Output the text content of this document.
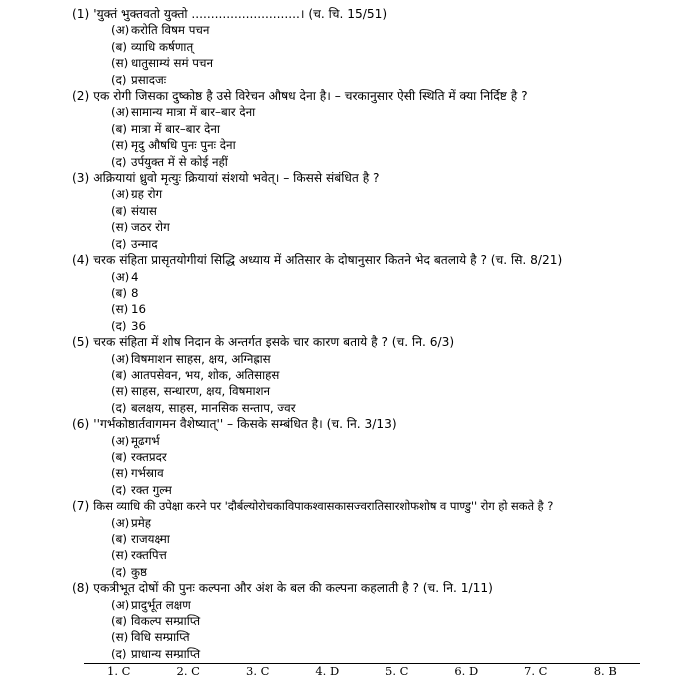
(1) 'युक्तं भुक्तवतो युक्तो ............................। (च. चि. 15/51)
(अ) करोति विषम पचन
(ब) व्याधि कर्षणात्
(स) धातुसाम्यं समं पचन
(द) प्रसादजः
(2) एक रोगी जिसका दुष्कोष्ठ है उसे विरेचन औषध देना है। – चरकानुसार ऐसी स्थिति में क्या निर्दिष्ट है ?
(अ) सामान्य मात्रा में बार–बार देना
(ब) मात्रा में बार–बार देना
(स) मृदु औषधि पुनः पुनः देना
(द) उर्पयुक्त में से कोई नहीं
(3) अक्रियायां ध्रुवो मृत्युः क्रियायां संशयो भवेत्। – किससे संबंधित है ?
(अ) ग्रह रोग
(ब) संयास
(स) जठर रोग
(द) उन्माद
(4) चरक संहिता प्रासृतयोगीयां सिद्धि अध्याय में अतिसार के दोषानुसार कितने भेद बतलाये है ? (च. सि. 8/21)
(अ) 4
(ब) 8
(स) 16
(द) 36
(5) चरक संहिता में शोष निदान के अन्तर्गत इसके चार कारण बताये है ? (च. नि. 6/3)
(अ) विषमाशन साहस, क्षय, अग्निह्रास
(ब) आतपसेवन, भय, शोक, अतिसाहस
(स) साहस, सन्धारण, क्षय, विषमाशन
(द) बलक्षय, साहस, मानसिक सन्ताप, ज्वर
(6) ''गर्भकोष्ठार्तवागमन वैशेष्यात्'' – किसके सम्बंधित है। (च. नि. 3/13)
(अ) मूढगर्भ
(ब) रक्तप्रदर
(स) गर्भस्राव
(द) रक्त गुल्म
(7) किस व्याधि की उपेक्षा करने पर 'दौर्बल्योरोचकाविपाकश्वासकासज्वरातिसारशोफशोष व पाण्डु'' रोग हो सकते है ?
(अ) प्रमेह
(ब) राजयक्ष्मा
(स) रक्तपित्त
(द) कुष्ठ
(8) एकत्रीभूत दोषों की पुनः कल्पना और अंश के बल की कल्पना कहलाती है ? (च. नि. 1/11)
(अ) प्रादुर्भूत लक्षण
(ब) विकल्प सम्प्राप्ति
(स) विधि सम्प्राप्ति
(द) प्राधान्य सम्प्राप्ति
1. C	2. C	3. C	4. D	5. C	6. D	7. C	8. B
